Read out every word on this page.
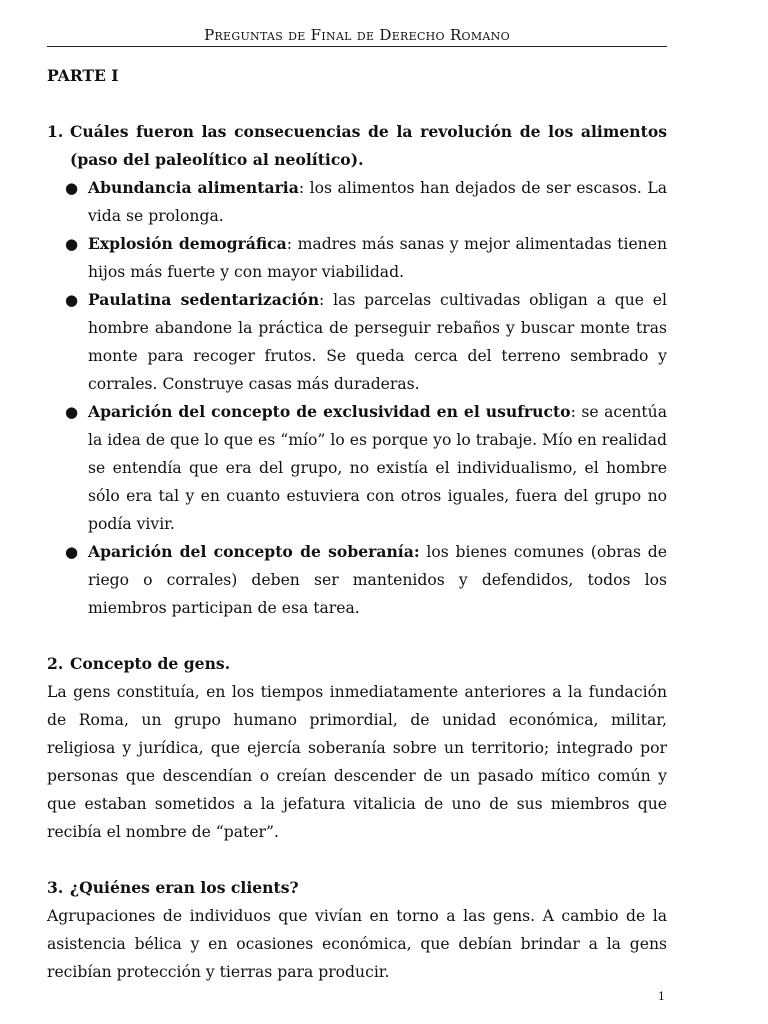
Preguntas de Final de Derecho Romano

PARTE I

1. Cuáles fueron las consecuencias de la revolución de los alimentos (paso del paleolítico al neolítico).
● Abundancia alimentaria: los alimentos han dejados de ser escasos. La vida se prolonga.
● Explosión demográfica: madres más sanas y mejor alimentadas tienen hijos más fuerte y con mayor viabilidad.
● Paulatina sedentarización: las parcelas cultivadas obligan a que el hombre abandone la práctica de perseguir rebaños y buscar monte tras monte para recoger frutos. Se queda cerca del terreno sembrado y corrales. Construye casas más duraderas.
● Aparición del concepto de exclusividad en el usufructo: se acentúa la idea de que lo que es “mío” lo es porque yo lo trabaje. Mío en realidad se entendía que era del grupo, no existía el individualismo, el hombre sólo era tal y en cuanto estuviera con otros iguales, fuera del grupo no podía vivir.
● Aparición del concepto de soberanía: los bienes comunes (obras de riego o corrales) deben ser mantenidos y defendidos, todos los miembros participan de esa tarea.
2. Concepto de gens.

La gens constituía, en los tiempos inmediatamente anteriores a la fundación de Roma, un grupo humano primordial, de unidad económica, militar, religiosa y jurídica, que ejercía soberanía sobre un territorio; integrado por personas que descendían o creían descender de un pasado mítico común y que estaban sometidos a la jefatura vitalicia de uno de sus miembros que recibía el nombre de “pater”.

3. ¿Quiénes eran los clients?

Agrupaciones de individuos que vivían en torno a las gens. A cambio de la asistencia bélica y en ocasiones económica, que debían brindar a la gens recibían protección y tierras para producir.

1
